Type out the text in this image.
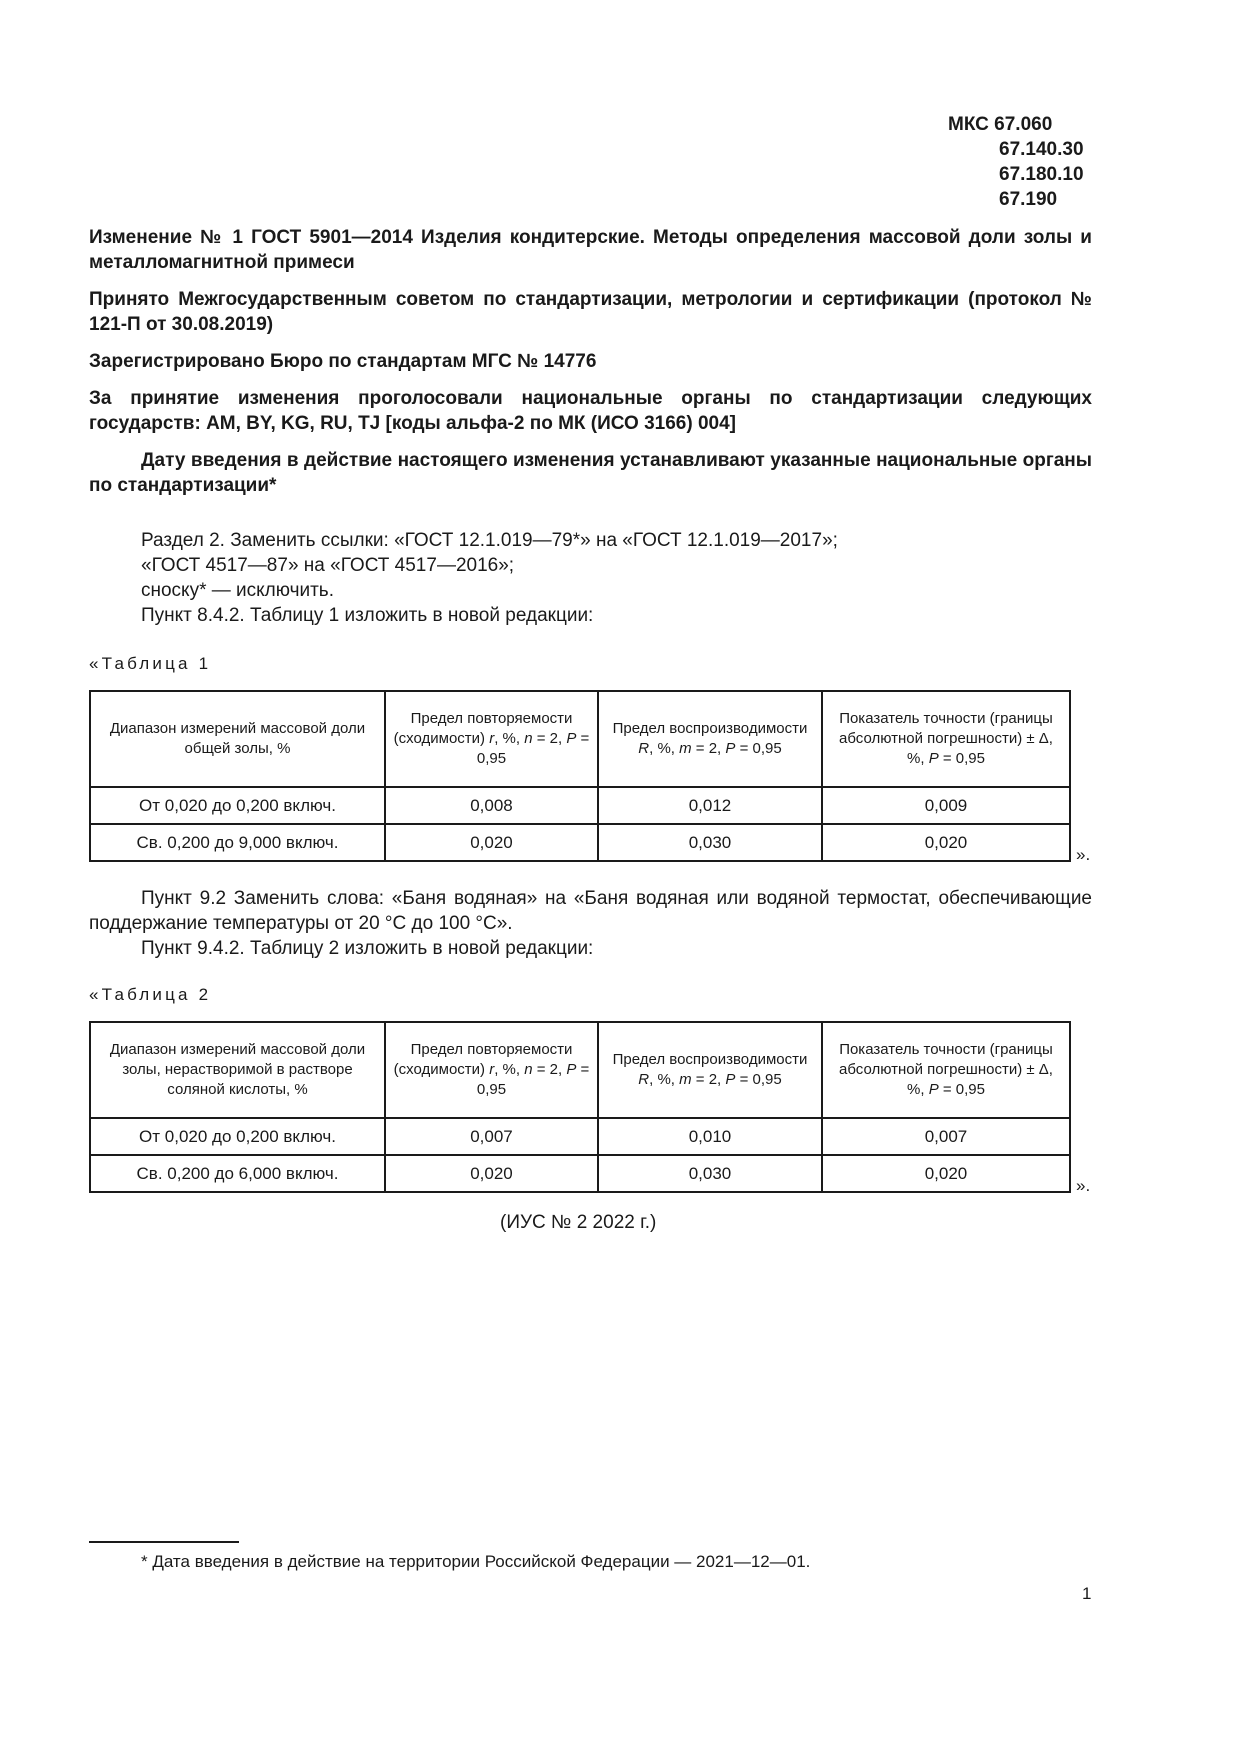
МКС 67.060
67.140.30
67.180.10
67.190

Изменение № 1 ГОСТ 5901—2014 Изделия кондитерские. Методы определения массовой доли золы и металломагнитной примеси

Принято Межгосударственным советом по стандартизации, метрологии и сертификации (протокол № 121-П от 30.08.2019)

Зарегистрировано Бюро по стандартам МГС № 14776

За принятие изменения проголосовали национальные органы по стандартизации следующих государств: AM, BY, KG, RU, TJ [коды альфа-2 по МК (ИСО 3166) 004]

Дату введения в действие настоящего изменения устанавливают указанные национальные органы по стандартизации*

Раздел 2. Заменить ссылки: «ГОСТ 12.1.019—79*» на «ГОСТ 12.1.019—2017»;
«ГОСТ 4517—87» на «ГОСТ 4517—2016»;
сноску* — исключить.
Пункт 8.4.2. Таблицу 1 изложить в новой редакции:
«Таблица 1
Диапазон измерений массовой доли общей золы, %	Предел повторяемости (сходимости) r, %, n = 2, P = 0,95	Предел воспроизводимости R, %, m = 2, P = 0,95	Показатель точности (границы абсолютной погрешности) ± Δ, %, P = 0,95
От 0,020 до 0,200 включ.	0,008	0,012	0,009
Св. 0,200 до 9,000 включ.	0,020	0,030	0,020
».

Пункт 9.2 Заменить слова: «Баня водяная» на «Баня водяная или водяной термостат, обеспечивающие поддержание температуры от 20 °С до 100 °С».

Пункт 9.4.2. Таблицу 2 изложить в новой редакции:
«Таблица 2
Диапазон измерений массовой доли золы, нерастворимой в растворе соляной кислоты, %	Предел повторяемости (сходимости) r, %, n = 2, P = 0,95	Предел воспроизводимости R, %, m = 2, P = 0,95	Показатель точности (границы абсолютной погрешности) ± Δ, %, P = 0,95
От 0,020 до 0,200 включ.	0,007	0,010	0,007
Св. 0,200 до 6,000 включ.	0,020	0,030	0,020
».
(ИУС № 2 2022 г.)
* Дата введения в действие на территории Российской Федерации — 2021—12—01.
1
